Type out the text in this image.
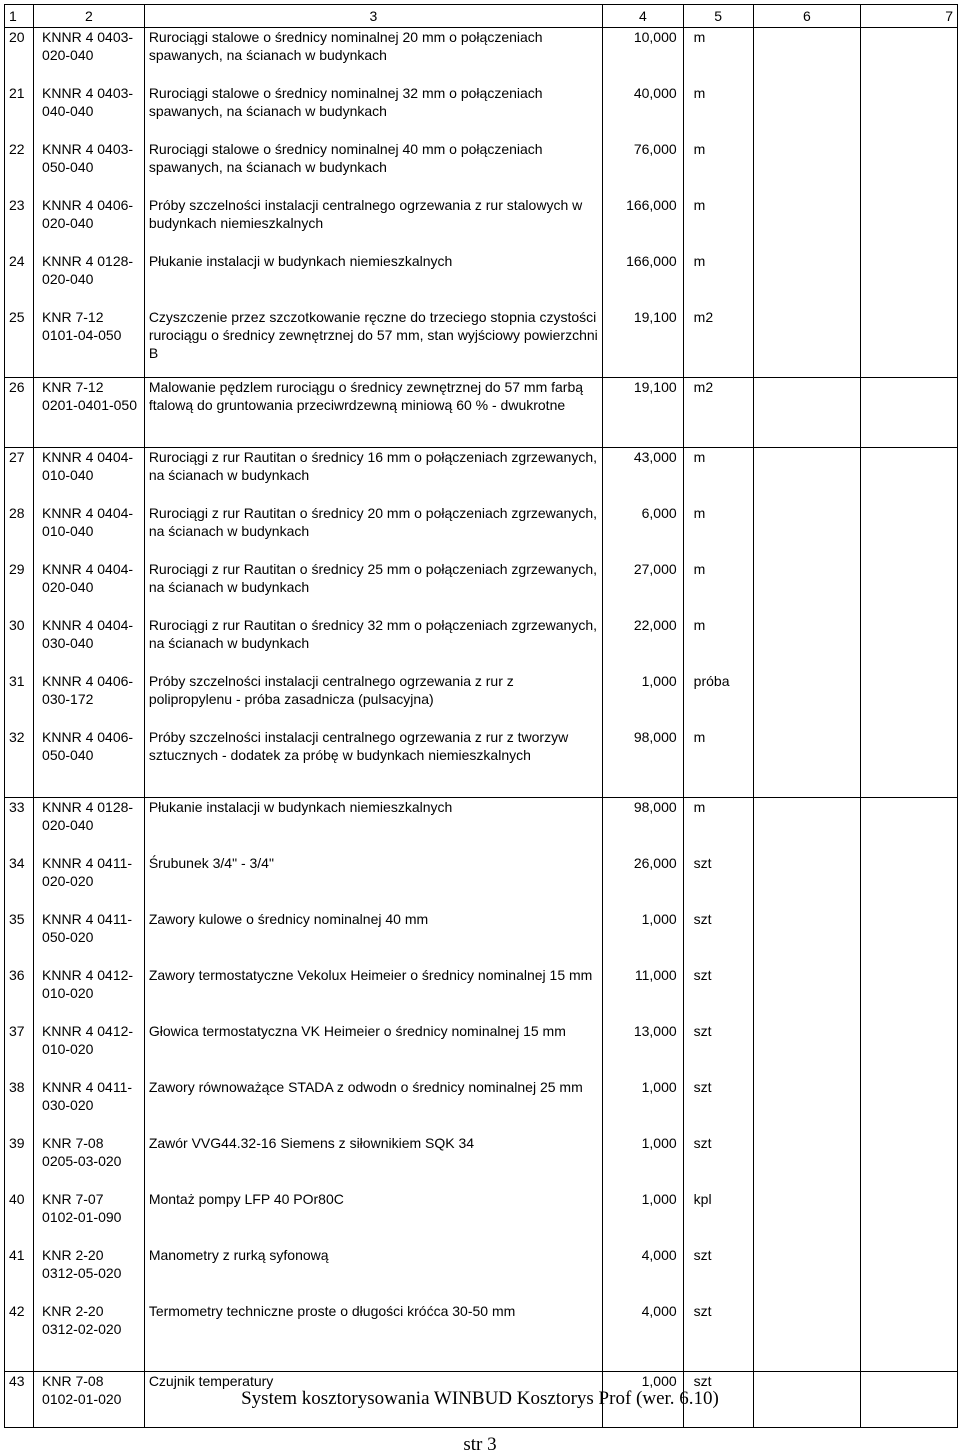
1	2	3	4	5	6	7
20	KNNR 4 0403-020-040	Rurociągi stalowe o średnicy nominalnej 20 mm o połączeniach spawanych, na ścianach w budynkach	10,000	m		
21	KNNR 4 0403-040-040	Rurociągi stalowe o średnicy nominalnej 32 mm o połączeniach spawanych, na ścianach w budynkach	40,000	m		
22	KNNR 4 0403-050-040	Rurociągi stalowe o średnicy nominalnej 40 mm o połączeniach spawanych, na ścianach w budynkach	76,000	m		
23	KNNR 4 0406-020-040	Próby szczelności instalacji centralnego ogrzewania z rur stalowych w budynkach niemieszkalnych	166,000	m		
24	KNNR 4 0128-020-040	Płukanie instalacji w budynkach niemieszkalnych	166,000	m		
25	KNR 7-12 0101-04-050	Czyszczenie przez szczotkowanie ręczne do trzeciego stopnia czystości rurociągu o średnicy zewnętrznej do 57 mm, stan wyjściowy powierzchni B	19,100	m2		
26	KNR 7-12 0201-0401-050	Malowanie pędzlem rurociągu o średnicy zewnętrznej do 57 mm farbą ftalową do gruntowania przeciwrdzewną miniową 60 % - dwukrotne	19,100	m2		
27	KNNR 4 0404-010-040	Rurociągi z rur Rautitan o średnicy 16 mm o połączeniach zgrzewanych, na ścianach w budynkach	43,000	m		
28	KNNR 4 0404-010-040	Rurociągi z rur Rautitan o średnicy 20 mm o połączeniach zgrzewanych, na ścianach w budynkach	6,000	m		
29	KNNR 4 0404-020-040	Rurociągi z rur Rautitan o średnicy 25 mm o połączeniach zgrzewanych, na ścianach w budynkach	27,000	m		
30	KNNR 4 0404-030-040	Rurociągi z rur Rautitan o średnicy 32 mm o połączeniach zgrzewanych, na ścianach w budynkach	22,000	m		
31	KNNR 4 0406-030-172	Próby szczelności instalacji centralnego ogrzewania z rur z polipropylenu - próba zasadnicza (pulsacyjna)	1,000	próba		
32	KNNR 4 0406-050-040	Próby szczelności instalacji centralnego ogrzewania z rur z tworzyw sztucznych - dodatek za próbę w budynkach niemieszkalnych	98,000	m		
33	KNNR 4 0128-020-040	Płukanie instalacji w budynkach niemieszkalnych	98,000	m		
34	KNNR 4 0411-020-020	Śrubunek 3/4" - 3/4"	26,000	szt		
35	KNNR 4 0411-050-020	Zawory kulowe o średnicy nominalnej 40 mm	1,000	szt		
36	KNNR 4 0412-010-020	Zawory termostatyczne Vekolux Heimeier o średnicy nominalnej 15 mm	11,000	szt		
37	KNNR 4 0412-010-020	Głowica termostatyczna VK Heimeier o średnicy nominalnej 15 mm	13,000	szt		
38	KNNR 4 0411-030-020	Zawory równoważące STADA z odwodn o średnicy nominalnej 25 mm	1,000	szt		
39	KNR 7-08 0205-03-020	Zawór VVG44.32-16 Siemens z siłownikiem SQK 34	1,000	szt		
40	KNR 7-07 0102-01-090	Montaż pompy LFP 40 POr80C	1,000	kpl		
41	KNR 2-20 0312-05-020	Manometry z rurką syfonową	4,000	szt		
42	KNR 2-20 0312-02-020	Termometry techniczne proste o długości króćca 30-50 mm	4,000	szt		
43	KNR 7-08 0102-01-020	Czujnik temperatury	1,000	szt		
System kosztorysowania WINBUD Kosztorys Prof (wer. 6.10)
str 3
